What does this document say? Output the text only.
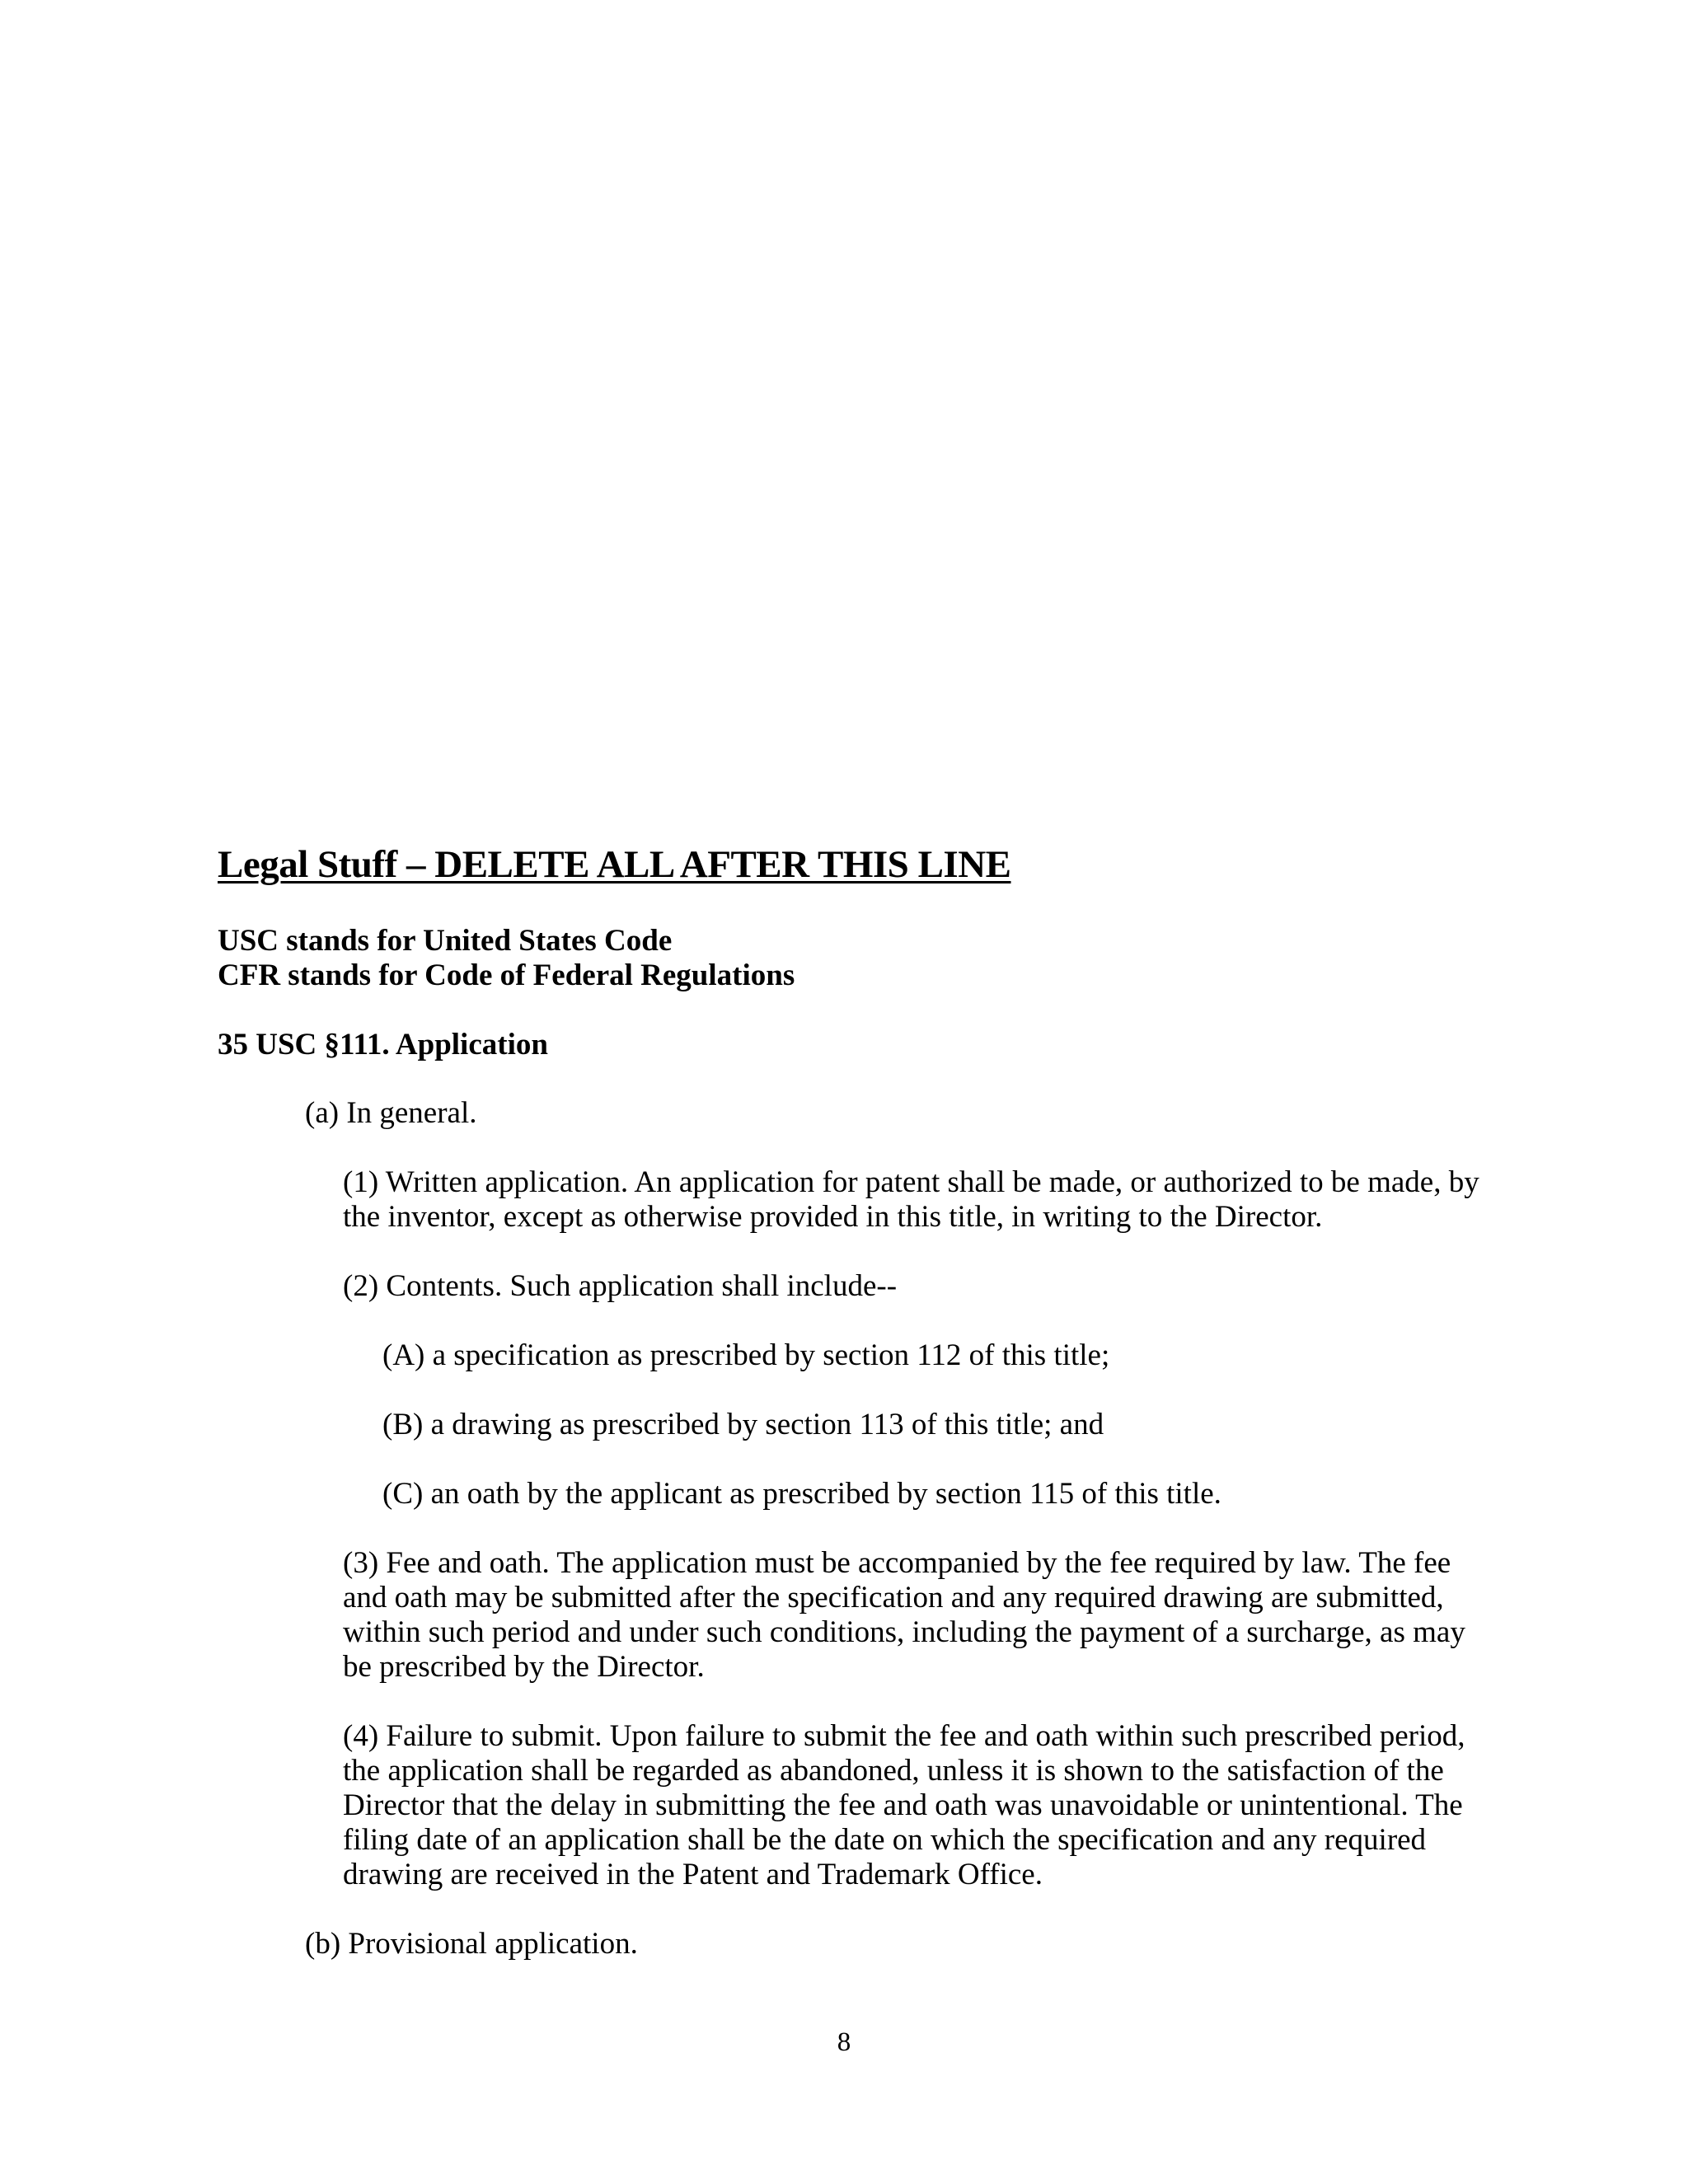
Legal Stuff – DELETE ALL AFTER THIS LINE
USC stands for United States Code
CFR stands for Code of Federal Regulations
35 USC §111. Application
(a) In general.
(1) Written application. An application for patent shall be made, or authorized to be made, by
the inventor, except as otherwise provided in this title, in writing to the Director.
(2) Contents. Such application shall include--
(A) a specification as prescribed by section 112 of this title;
(B) a drawing as prescribed by section 113 of this title; and
(C) an oath by the applicant as prescribed by section 115 of this title.
(3) Fee and oath. The application must be accompanied by the fee required by law. The fee
and oath may be submitted after the specification and any required drawing are submitted,
within such period and under such conditions, including the payment of a surcharge, as may
be prescribed by the Director.
(4) Failure to submit. Upon failure to submit the fee and oath within such prescribed period,
the application shall be regarded as abandoned, unless it is shown to the satisfaction of the
Director that the delay in submitting the fee and oath was unavoidable or unintentional. The
filing date of an application shall be the date on which the specification and any required
drawing are received in the Patent and Trademark Office.
(b) Provisional application.
8
